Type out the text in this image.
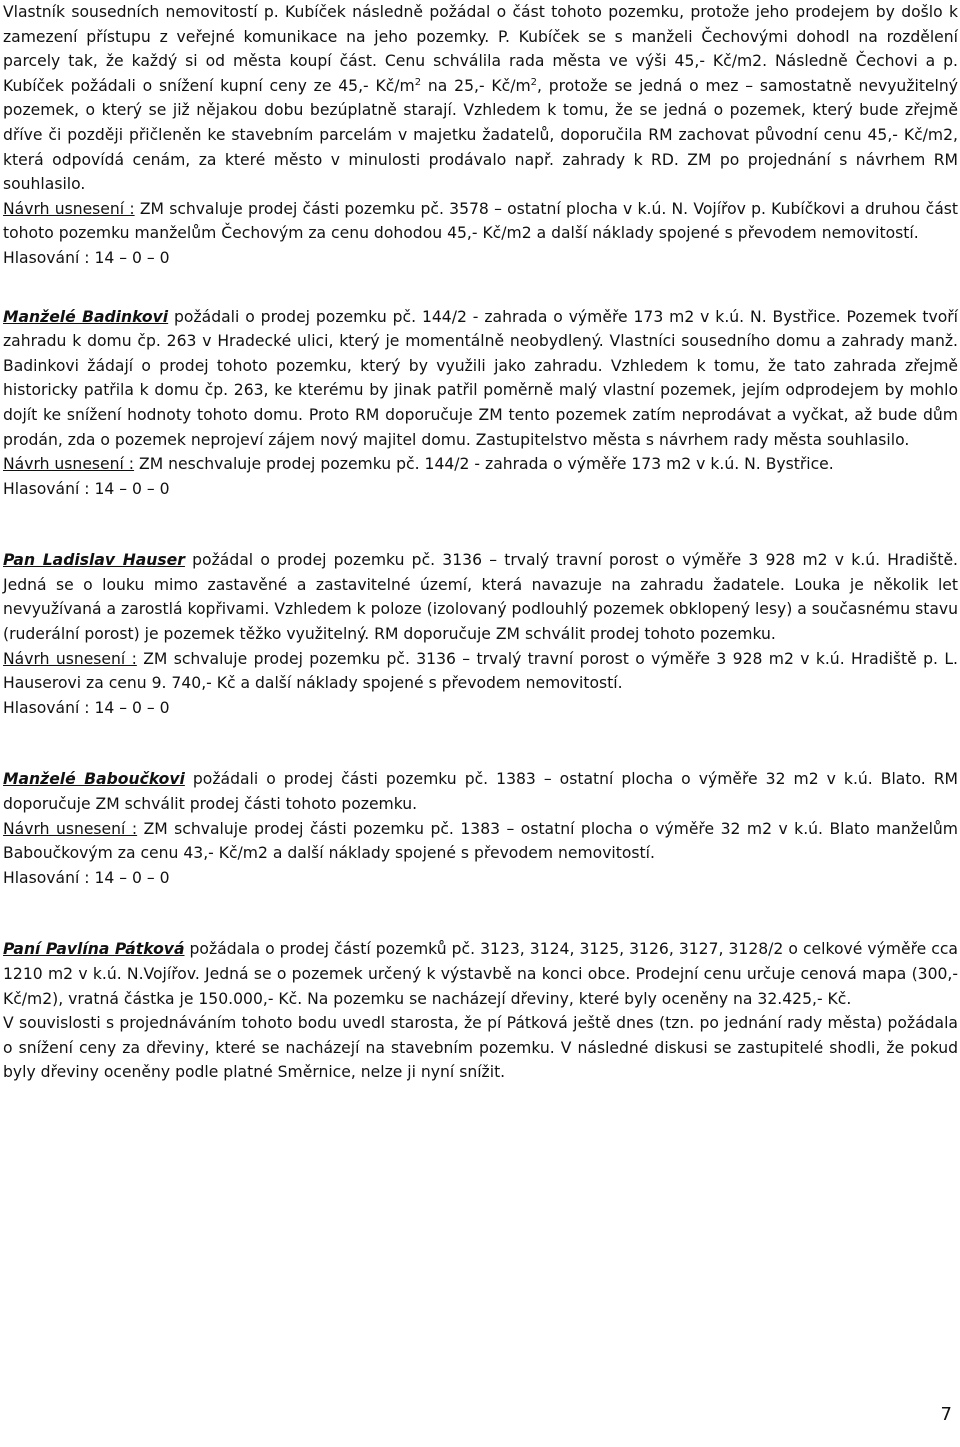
Vlastník sousedních nemovitostí p. Kubíček následně požádal o část tohoto pozemku, protože jeho prodejem by došlo k zamezení přístupu z veřejné komunikace na jeho pozemky. P. Kubíček se s manželi Čechovými dohodl na rozdělení parcely tak, že každý si od města koupí část. Cenu schválila rada města ve výši 45,- Kč/m2. Následně Čechovi a p. Kubíček požádali o snížení kupní ceny ze 45,- $Kč/m^2$ na 25,- $Kč/m^2$, protože se jedná o mez – samostatně nevyužitelný pozemek, o který se již nějakou dobu bezúplatně starají. Vzhledem k tomu, že se jedná o pozemek, který bude zřejmě dříve či později přičleněn ke stavebním parcelám v majetku žadatelů, doporučila RM zachovat původní cenu 45,- Kč/m2, která odpovídá cenám, za které město v minulosti prodávalo např. zahrady k RD. ZM po projednání s návrhem RM souhlasilo.

Návrh usnesení : ZM schvaluje prodej části pozemku pč. 3578 – ostatní plocha v k.ú. N. Vojířov p. Kubíčkovi a druhou část tohoto pozemku manželům Čechovým za cenu dohodou 45,- Kč/m2 a další náklady spojené s převodem nemovitostí.

Hlasování : 14 – 0 – 0

Manželé Badinkovi požádali o prodej pozemku pč. 144/2 - zahrada o výměře 173 m2 v k.ú. N. Bystřice. Pozemek tvoří zahradu k domu čp. 263 v Hradecké ulici, který je momentálně neobydlený. Vlastníci sousedního domu a zahrady manž. Badinkovi žádají o prodej tohoto pozemku, který by využili jako zahradu. Vzhledem k tomu, že tato zahrada zřejmě historicky patřila k domu čp. 263, ke kterému by jinak patřil poměrně malý vlastní pozemek, jejím odprodejem by mohlo dojít ke snížení hodnoty tohoto domu. Proto RM doporučuje ZM tento pozemek zatím neprodávat a vyčkat, až bude dům prodán, zda o pozemek neprojeví zájem nový majitel domu. Zastupitelstvo města s návrhem rady města souhlasilo.

Návrh usnesení : ZM neschvaluje prodej pozemku pč. 144/2 - zahrada o výměře 173 m2 v k.ú. N. Bystřice.

Hlasování : 14 – 0 – 0

Pan Ladislav Hauser požádal o prodej pozemku pč. 3136 – trvalý travní porost o výměře 3 928 m2 v k.ú. Hradiště. Jedná se o louku mimo zastavěné a zastavitelné území, která navazuje na zahradu žadatele. Louka je několik let nevyužívaná a zarostlá kopřivami. Vzhledem k poloze (izolovaný podlouhlý pozemek obklopený lesy) a současnému stavu (ruderální porost) je pozemek těžko využitelný. RM doporučuje ZM schválit prodej tohoto pozemku.

Návrh usnesení : ZM schvaluje prodej pozemku pč. 3136 – trvalý travní porost o výměře 3 928 m2 v k.ú. Hradiště p. L. Hauserovi za cenu 9. 740,- Kč a další náklady spojené s převodem nemovitostí.

Hlasování : 14 – 0 – 0

Manželé Baboučkovi požádali o prodej části pozemku pč. 1383 – ostatní plocha o výměře 32 m2 v k.ú. Blato. RM doporučuje ZM schválit prodej části tohoto pozemku.

Návrh usnesení : ZM schvaluje prodej části pozemku pč. 1383 – ostatní plocha o výměře 32 m2 v k.ú. Blato manželům Baboučkovým za cenu 43,- Kč/m2 a další náklady spojené s převodem nemovitostí.

Hlasování : 14 – 0 – 0

Paní Pavlína Pátková požádala o prodej částí pozemků pč. 3123, 3124, 3125, 3126, 3127, 3128/2 o celkové výměře cca 1210 m2 v k.ú. N.Vojířov. Jedná se o pozemek určený k výstavbě na konci obce. Prodejní cenu určuje cenová mapa (300,- Kč/m2), vratná částka je 150.000,- Kč. Na pozemku se nacházejí dřeviny, které byly oceněny na 32.425,- Kč.

V souvislosti s projednáváním tohoto bodu uvedl starosta, že pí Pátková ještě dnes (tzn. po jednání rady města) požádala o snížení ceny za dřeviny, které se nacházejí na stavebním pozemku. V následné diskusi se zastupitelé shodli, že pokud byly dřeviny oceněny podle platné Směrnice, nelze ji nyní snížit.

7
